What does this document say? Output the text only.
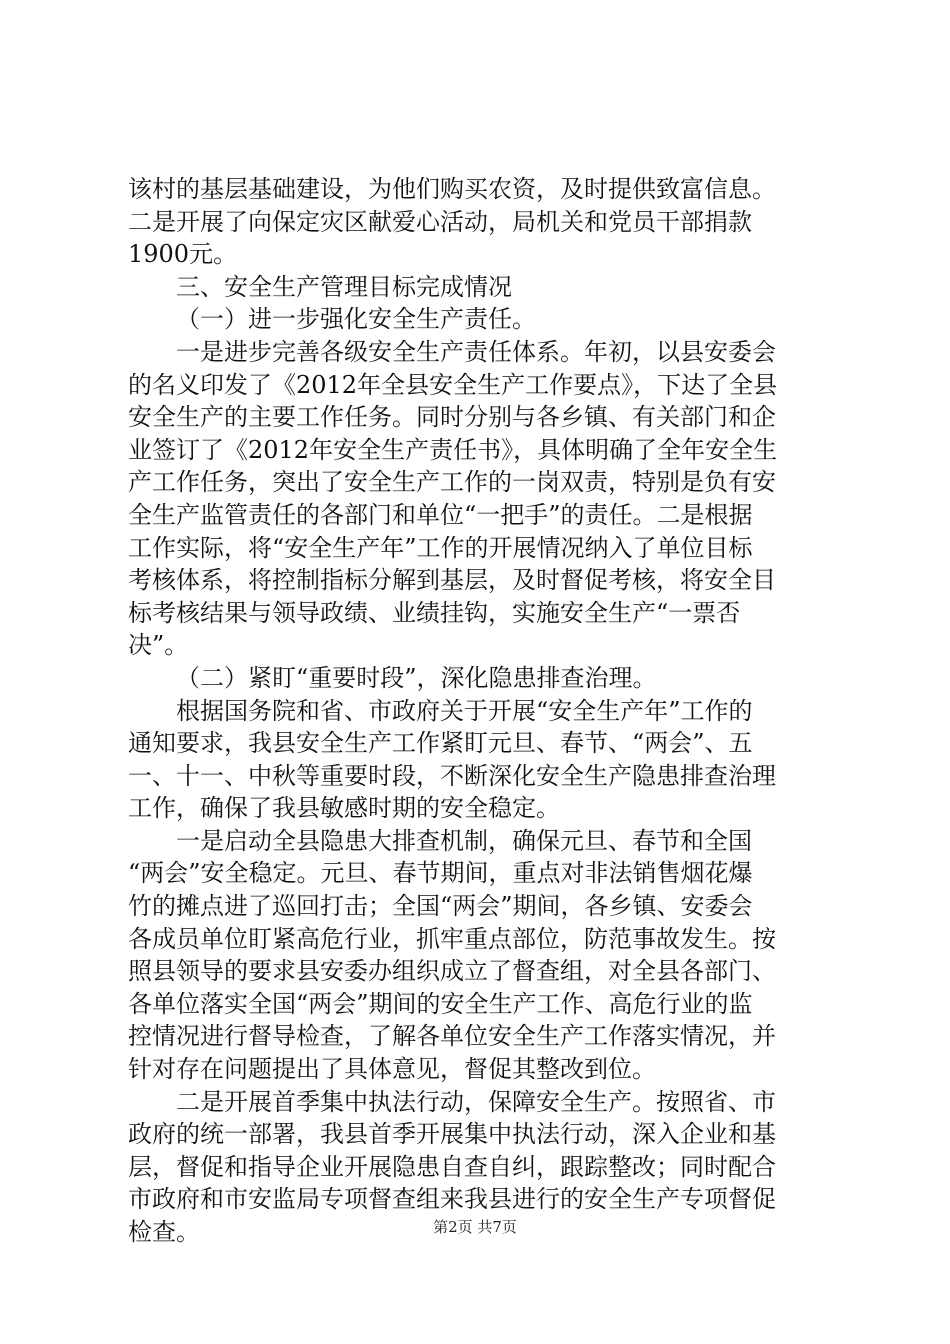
该村的基层基础建设，为他们购买农资，及时提供致富信息。
二是开展了向保定灾区献爱心活动，局机关和党员干部捐款
1900元。
三、安全生产管理目标完成情况
（一）进一步强化安全生产责任。
一是进步完善各级安全生产责任体系。年初，以县安委会
的名义印发了《2012年全县安全生产工作要点》，下达了全县
安全生产的主要工作任务。同时分别与各乡镇、有关部门和企
业签订了《2012年安全生产责任书》，具体明确了全年安全生
产工作任务，突出了安全生产工作的一岗双责，特别是负有安
全生产监管责任的各部门和单位“一把手”的责任。二是根据
工作实际，将“安全生产年”工作的开展情况纳入了单位目标
考核体系，将控制指标分解到基层，及时督促考核，将安全目
标考核结果与领导政绩、业绩挂钩，实施安全生产“一票否
决”。
（二）紧盯“重要时段”，深化隐患排查治理。
根据国务院和省、市政府关于开展“安全生产年”工作的
通知要求，我县安全生产工作紧盯元旦、春节、“两会”、五
一、十一、中秋等重要时段，不断深化安全生产隐患排查治理
工作，确保了我县敏感时期的安全稳定。
一是启动全县隐患大排查机制，确保元旦、春节和全国
“两会”安全稳定。元旦、春节期间，重点对非法销售烟花爆
竹的摊点进了巡回打击；全国“两会”期间，各乡镇、安委会
各成员单位盯紧高危行业，抓牢重点部位，防范事故发生。按
照县领导的要求县安委办组织成立了督查组，对全县各部门、
各单位落实全国“两会”期间的安全生产工作、高危行业的监
控情况进行督导检查，了解各单位安全生产工作落实情况，并
针对存在问题提出了具体意见，督促其整改到位。
二是开展首季集中执法行动，保障安全生产。按照省、市
政府的统一部署，我县首季开展集中执法行动，深入企业和基
层，督促和指导企业开展隐患自查自纠，跟踪整改；同时配合
市政府和市安监局专项督查组来我县进行的安全生产专项督促
检查。	第2页 共7页
